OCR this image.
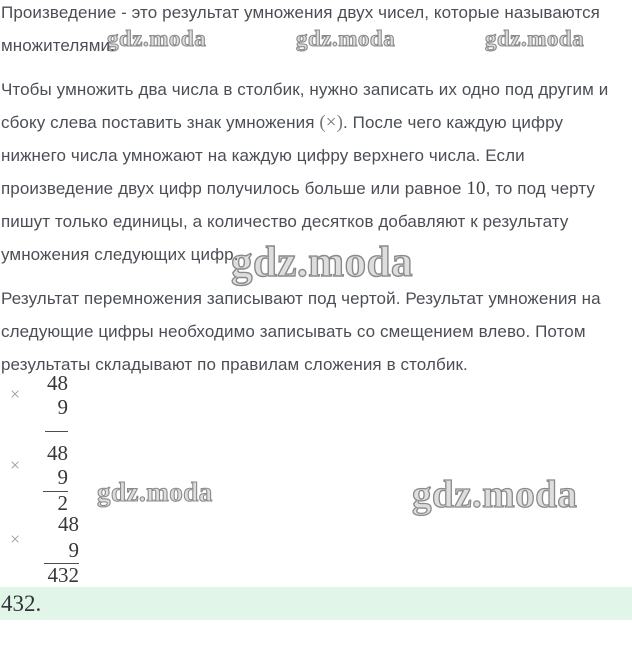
gdz.moda	gdz.moda	gdz.moda
gdz.moda
gdz.moda	gdz.moda

Произведение - это результат умножения двух чисел, которые называются
множителями.

Чтобы умножить два числа в столбик, нужно записать их одно под другим и
сбоку слева поставить знак умножения (×). После чего каждую цифру
нижнего числа умножают на каждую цифру верхнего числа. Если
произведение двух цифр получилось больше или равное 10, то под черту
пишут только единицы, а количество десятков добавляют к результату
умножения следующих цифр.

Результат перемножения записывают под чертой. Результат умножения на
следующие цифры необходимо записывать со смещением влево. Потом
результаты складывают по правилам сложения в столбик.

×	48
9
×	48
9
2
×
48
9
432
432.
